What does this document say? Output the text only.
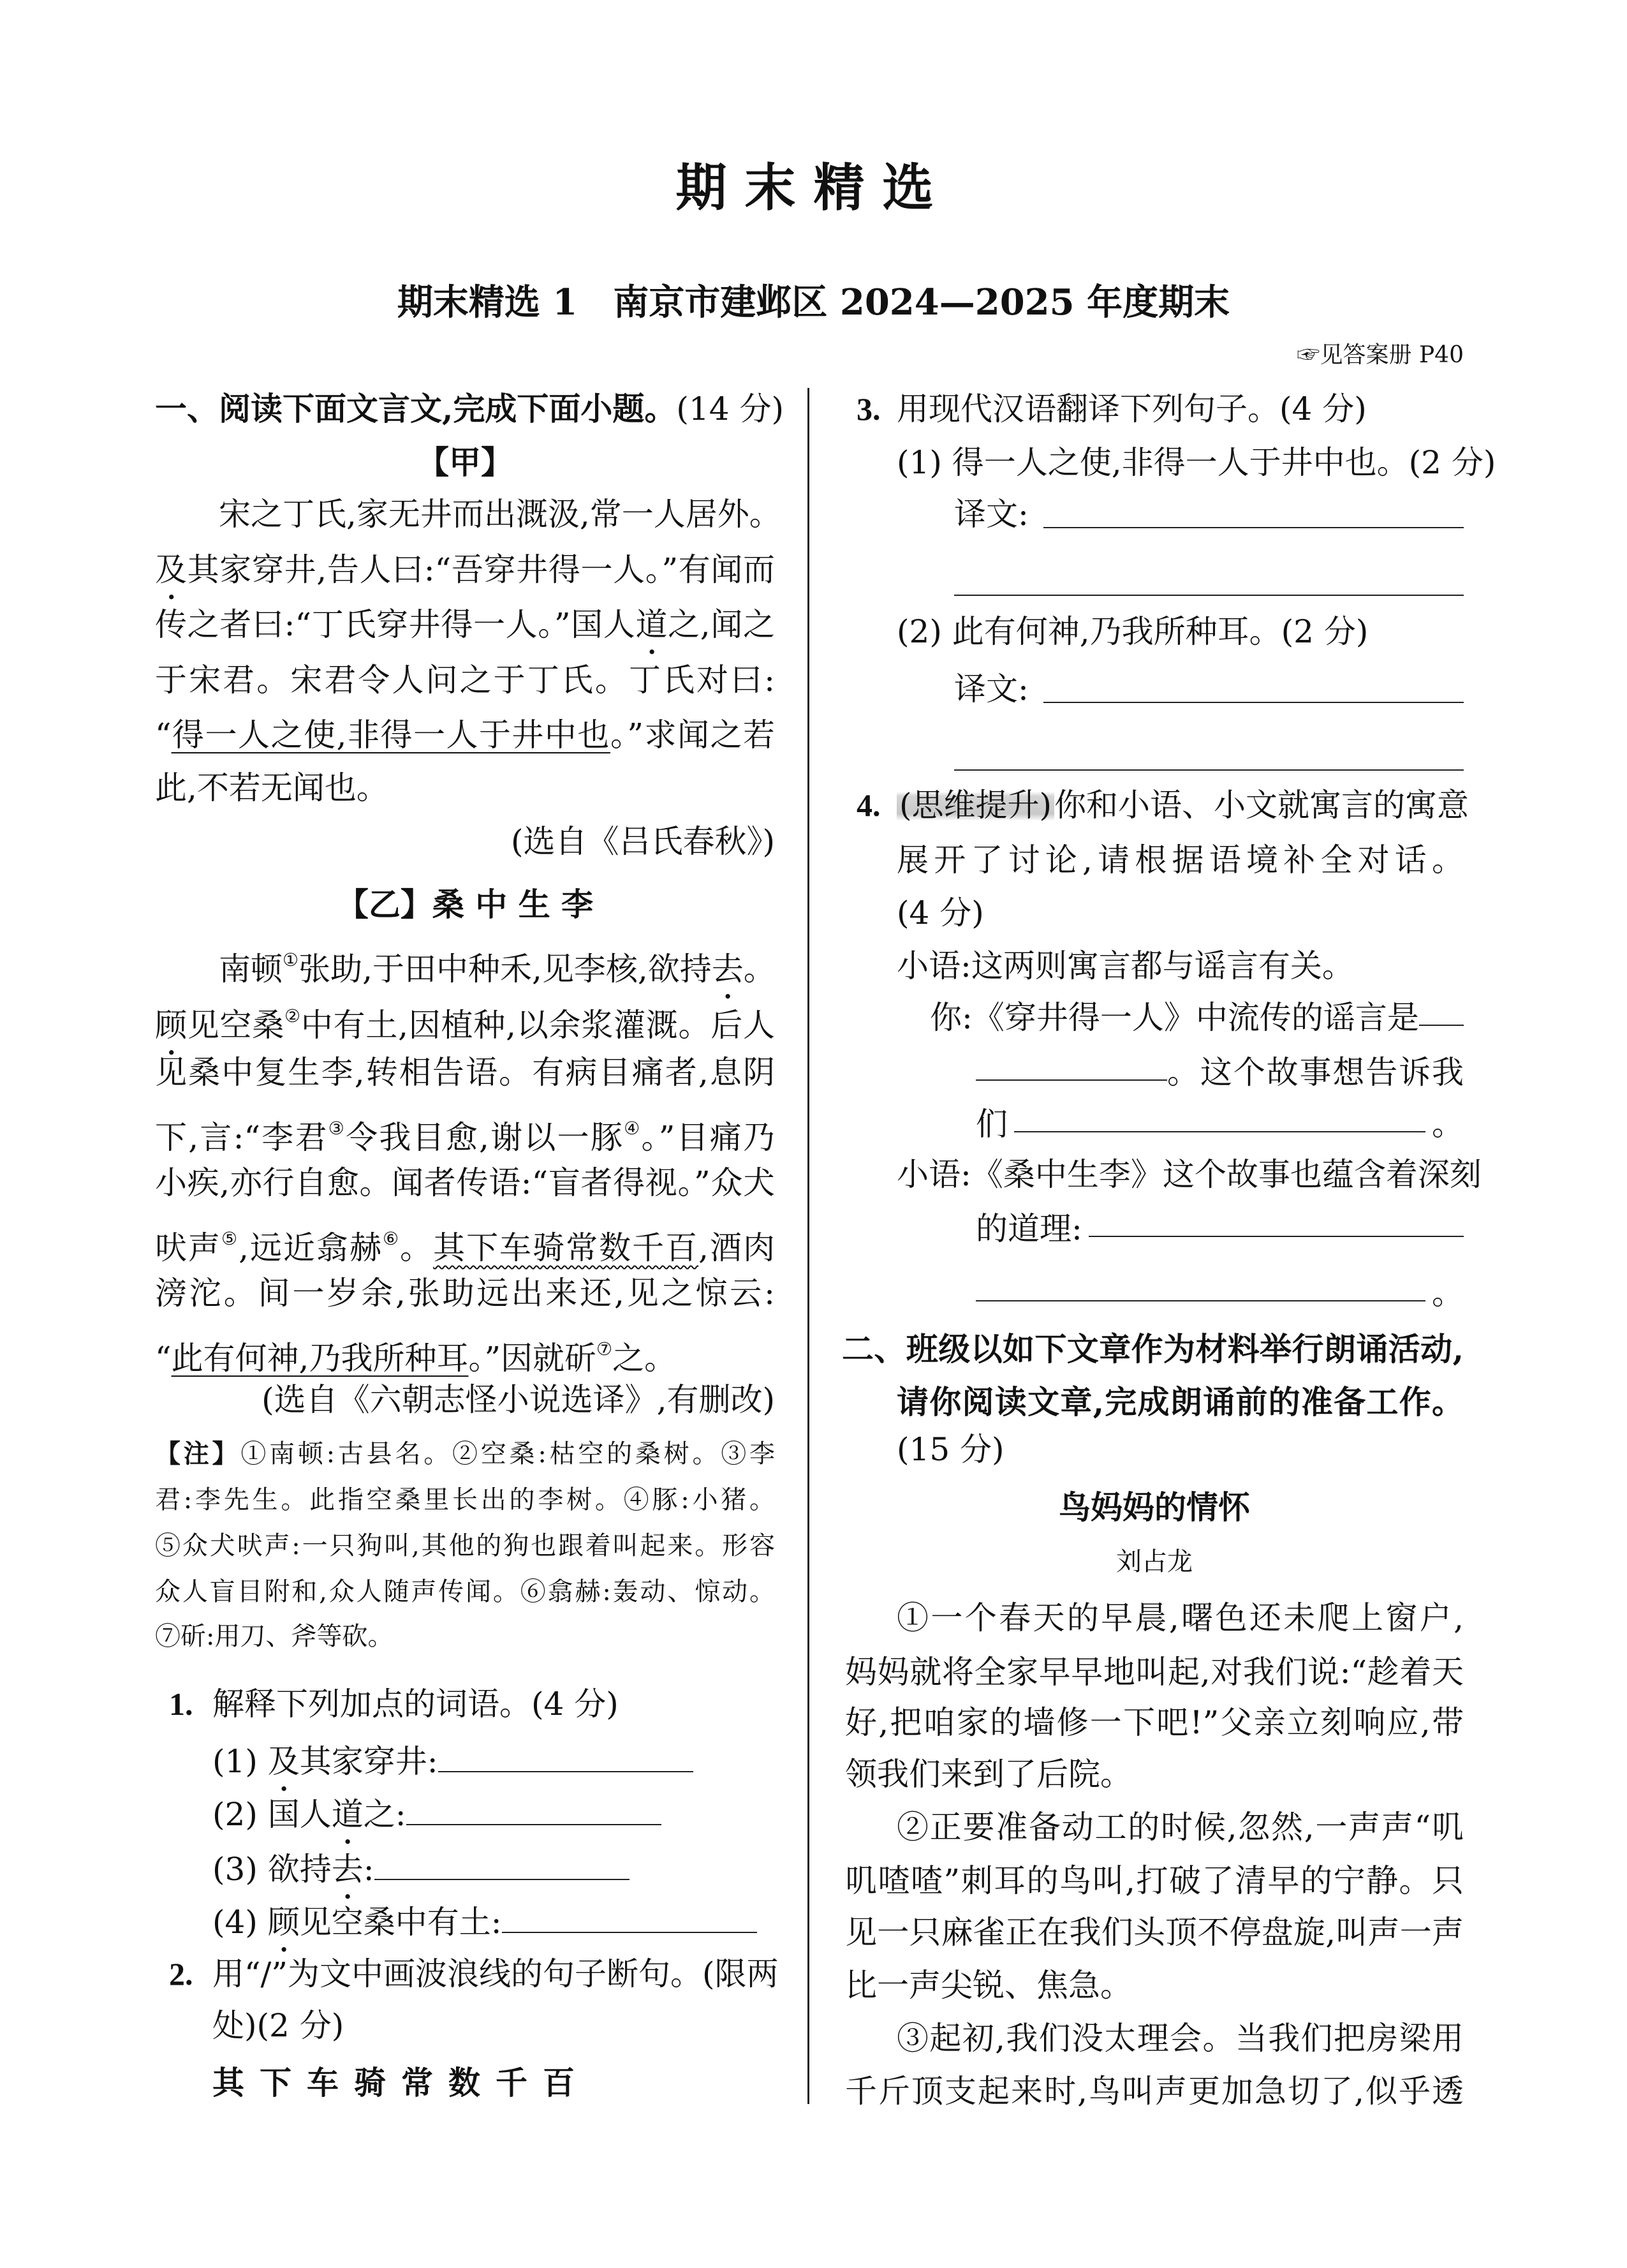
期末精选
期末精选 1　南京市建邺区 2024—2025 年度期末
☞见答案册 P40
一、阅读下面文言文,完成下面小题。(14 分)
【甲】
宋之丁氏,家无井而出溉汲,常一人居外。
及其家穿井,告人曰:“吾穿井得一人。”有闻而
传之者曰:“丁氏穿井得一人。”国人道之,闻之
于宋君。宋君令人问之于丁氏。丁氏对曰:
“得一人之使,非得一人于井中也。”求闻之若
此,不若无闻也。
(选自《吕氏春秋》)
【乙】桑 中 生 李
南顿①张助,于田中种禾,见李核,欲持去。
顾见空桑②中有土,因植种,以余浆灌溉。后人
见桑中复生李,转相告语。有病目痛者,息阴
下,言:“李君③令我目愈,谢以一豚④。”目痛乃
小疾,亦行自愈。闻者传语:“盲者得视。”众犬
吠声⑤,远近翕赫⑥。其下车骑常数千百,酒肉
滂沱。间一岁余,张助远出来还,见之惊云:
“此有何神,乃我所种耳。”因就斫⑦之。
(选自《六朝志怪小说选译》,有删改)
【注】①南顿:古县名。②空桑:枯空的桑树。③李
君:李先生。此指空桑里长出的李树。④豚:小猪。
⑤众犬吠声:一只狗叫,其他的狗也跟着叫起来。形容
众人盲目附和,众人随声传闻。⑥翕赫:轰动、惊动。
⑦斫:用刀、斧等砍。
1. 解释下列加点的词语。(4 分)
(1) 及其家穿井:
(2) 国人道之:
(3) 欲持去:
(4) 顾见空桑中有土:
2. 用“/”为文中画波浪线的句子断句。(限两
处)(2 分)
其下车骑常数千百
3. 用现代汉语翻译下列句子。(4 分)
(1) 得一人之使,非得一人于井中也。(2 分)
译文:
(2) 此有何神,乃我所种耳。(2 分)
译文:
4. (思维提升) 你和小语、小文就寓言的寓意
展开了讨论,请根据语境补全对话。
(4 分)
小语:这两则寓言都与谣言有关。
你:《穿井得一人》中流传的谣言是
。这个故事想告诉我
们	。
小语:《桑中生李》这个故事也蕴含着深刻
的道理:
。
二、班级以如下文章作为材料举行朗诵活动,
请你阅读文章,完成朗诵前的准备工作。
(15 分)
鸟妈妈的情怀
刘占龙
①一个春天的早晨,曙色还未爬上窗户,
妈妈就将全家早早地叫起,对我们说:“趁着天
好,把咱家的墙修一下吧!”父亲立刻响应,带
领我们来到了后院。
②正要准备动工的时候,忽然,一声声“叽
叽喳喳”刺耳的鸟叫,打破了清早的宁静。只
见一只麻雀正在我们头顶不停盘旋,叫声一声
比一声尖锐、焦急。
③起初,我们没太理会。当我们把房梁用
千斤顶支起来时,鸟叫声更加急切了,似乎透
